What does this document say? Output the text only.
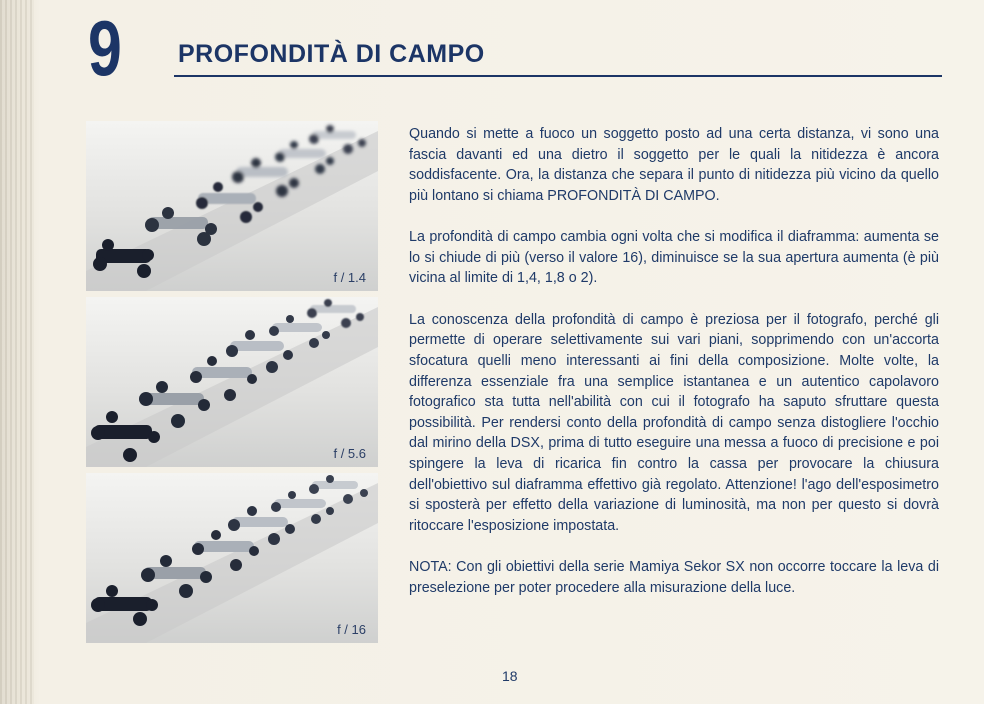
9 PROFONDITÀ DI CAMPO
f / 1.4
f / 5.6
f / 16

Quando si mette a fuoco un soggetto posto ad una certa distanza, vi sono una fascia davanti ed una dietro il soggetto per le quali la nitidezza è ancora soddisfacente. Ora, la distanza che separa il punto di nitidezza più vicino da quello più lontano si chiama PROFONDITÀ DI CAMPO.

La profondità di campo cambia ogni volta che si modifica il diaframma: aumenta se lo si chiude di più (verso il valore 16), diminuisce se la sua apertura aumenta (è più vicina al limite di 1,4, 1,8 o 2).

La conoscenza della profondità di campo è preziosa per il fotografo, perché gli permette di operare selettivamente sui vari piani, sopprimendo con un'accorta sfocatura quelli meno interessanti ai fini della composizione. Molte volte, la differenza essenziale fra una semplice istantanea e un autentico capolavoro fotografico sta tutta nell'abilità con cui il fotografo ha saputo sfruttare questa possibilità. Per rendersi conto della profondità di campo senza distogliere l'occhio dal mirino della DSX, prima di tutto eseguire una messa a fuoco di precisione e poi spingere la leva di ricarica fin contro la cassa per provocare la chiusura dell'obiettivo sul diaframma effettivo già regolato. Attenzione! l'ago dell'esposimetro si sposterà per effetto della variazione di luminosità, ma non per questo si dovrà ritoccare l'esposizione impostata.

NOTA: Con gli obiettivi della serie Mamiya Sekor SX non occorre toccare la leva di preselezione per poter procedere alla misurazione della luce.

18
